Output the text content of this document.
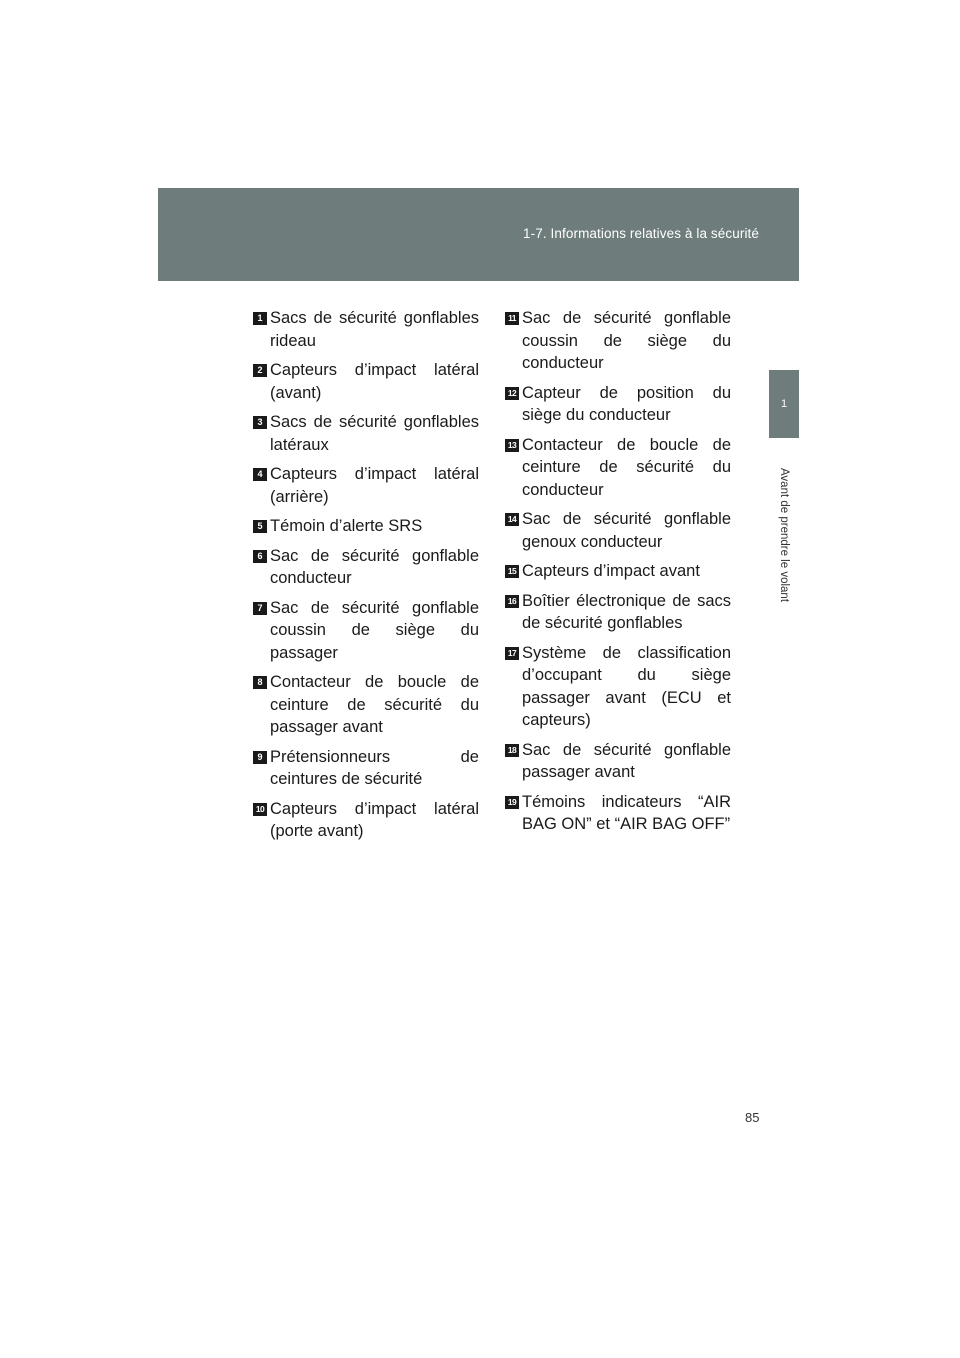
1-7. Informations relatives à la sécurité
1
Avant de prendre le volant
1 Sacs de sécurité gonflables rideau
2 Capteurs d’impact latéral (avant)
3 Sacs de sécurité gonflables latéraux
4 Capteurs d’impact latéral (arrière)
5 Témoin d’alerte SRS
6 Sac de sécurité gonflable conducteur
7 Sac de sécurité gonflable coussin de siège du passager
8 Contacteur de boucle de ceinture de sécurité du passager avant
9 Prétensionneurs de ceintures de sécurité
10 Capteurs d’impact latéral (porte avant)
11 Sac de sécurité gonflable coussin de siège du conducteur
12 Capteur de position du siège du conducteur
13 Contacteur de boucle de ceinture de sécurité du conducteur
14 Sac de sécurité gonflable genoux conducteur
15 Capteurs d’impact avant
16 Boîtier électronique de sacs de sécurité gonflables
17 Système de classification d’occupant du siège passager avant (ECU et capteurs)
18 Sac de sécurité gonflable passager avant
19 Témoins indicateurs “AIR BAG ON” et “AIR BAG OFF”
85
